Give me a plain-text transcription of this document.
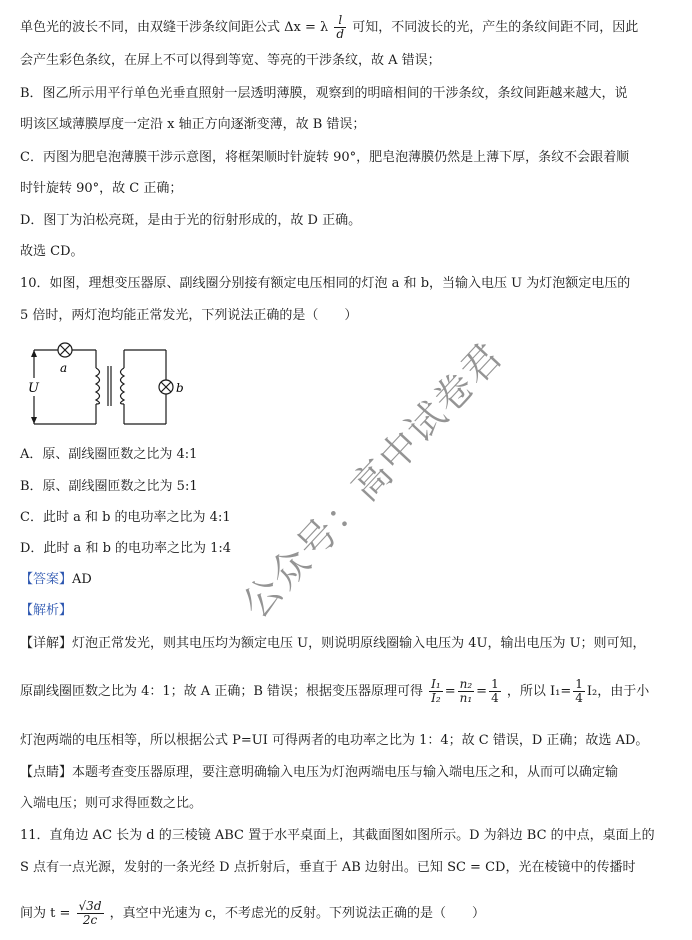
单色光的波长不同，由双缝干涉条纹间距公式 Δx = λ $\frac{l}{d}$ 可知，不同波长的光，产生的条纹间距不同，因此
会产生彩色条纹，在屏上不可以得到等宽、等亮的干涉条纹，故 A 错误；
B．图乙所示用平行单色光垂直照射一层透明薄膜，观察到的明暗相间的干涉条纹，条纹间距越来越大，说
明该区域薄膜厚度一定沿 x 轴正方向逐渐变薄，故 B 错误；
C．丙图为肥皂泡薄膜干涉示意图，将框架顺时针旋转 90°，肥皂泡薄膜仍然是上薄下厚，条纹不会跟着顺
时针旋转 90°，故 C 正确；
D．图丁为泊松亮斑，是由于光的衍射形成的，故 D 正确。
故选 CD。
10．如图，理想变压器原、副线圈分别接有额定电压相同的灯泡 a 和 b，当输入电压 U 为灯泡额定电压的
5 倍时，两灯泡均能正常发光，下列说法正确的是（　　）
U
a
b
A．原、副线圈匝数之比为 4:1
B．原、副线圈匝数之比为 5:1
C．此时 a 和 b 的电功率之比为 4:1
D．此时 a 和 b 的电功率之比为 1:4
【答案】AD
【解析】
【详解】灯泡正常发光，则其电压均为额定电压 U，则说明原线圈输入电压为 4U，输出电压为 U；则可知，
原副线圈匝数之比为 4：1；故 A 正确；B 错误；根据变压器原理可得 $\frac{\text{I₁}}{\text{I₂}} = \frac{\text{n₂}}{\text{n₁}} = \frac{1}{4}$ ，所以 $I_1= \frac{1}{4} I_2$，由于小
灯泡两端的电压相等，所以根据公式 P=UI 可得两者的电功率之比为 1：4；故 C 错误，D 正确；故选 AD。
【点睛】本题考查变压器原理，要注意明确输入电压为灯泡两端电压与输入端电压之和，从而可以确定输
入端电压；则可求得匝数之比。
11．直角边 AC 长为 d 的三棱镜 ABC 置于水平桌面上，其截面图如图所示。D 为斜边 BC 的中点，桌面上的
S 点有一点光源，发射的一条光经 D 点折射后，垂直于 AB 边射出。已知 SC = CD，光在棱镜中的传播时
间为 $t = \frac{√3d}{2c}$ ，真空中光速为 c，不考虑光的反射。下列说法正确的是（　　）
公众号：高中试卷君
